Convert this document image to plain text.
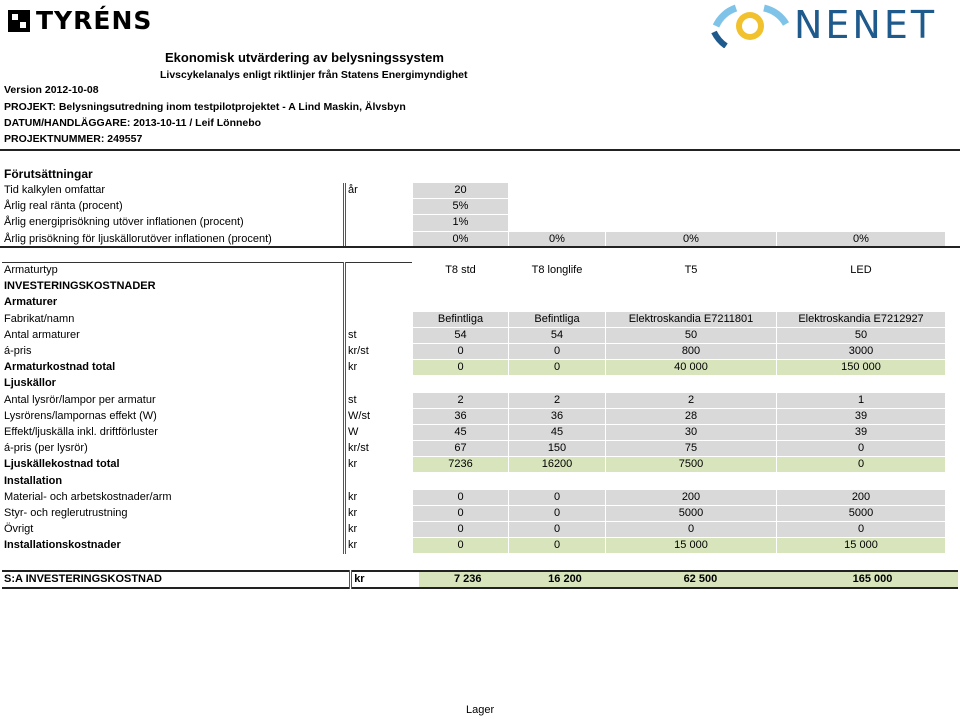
TYRÉNS	NENET
Ekonomisk utvärdering av belysningssystem
Livscykelanalys enligt riktlinjer från Statens Energimyndighet
Version 2012-10-08
PROJEKT: Belysningsutredning inom testpilotprojektet - A Lind Maskin, Älvsbyn
DATUM/HANDLÄGGARE: 2013-10-11 / Leif Lönnebo
PROJEKTNUMMER: 249557
Förutsättningar
Tid kalkylen omfattar	år	20			
Årlig real ränta (procent)		5%			
Årlig energiprisökning utöver inflationen (procent)		1%			
Årlig prisökning för ljuskällorutöver inflationen (procent)		0%	0%	0%	0%
Armaturtyp		T8 std	T8 longlife	T5	LED
INVESTERINGSKOSTNADER					
Armaturer					
Fabrikat/namn		Befintliga	Befintliga	Elektroskandia E7211801	Elektroskandia E7212927
Antal armaturer	st	54	54	50	50
á-pris	kr/st	0	0	800	3000
Armaturkostnad total	kr	0	0	40 000	150 000
Ljuskällor					
Antal lysrör/lampor per armatur	st	2	2	2	1
Lysrörens/lampornas effekt (W)	W/st	36	36	28	39
Effekt/ljuskälla inkl. driftförluster	W	45	45	30	39
á-pris (per lysrör)	kr/st	67	150	75	0
Ljuskällekostnad total	kr	7236	16200	7500	0
Installation					
Material- och arbetskostnader/arm	kr	0	0	200	200
Styr- och reglerutrustning	kr	0	0	5000	5000
Övrigt	kr	0	0	0	0
Installationskostnader	kr	0	0	15 000	15 000
S:A INVESTERINGSKOSTNAD	kr	7 236	16 200	62 500	165 000
Lager
